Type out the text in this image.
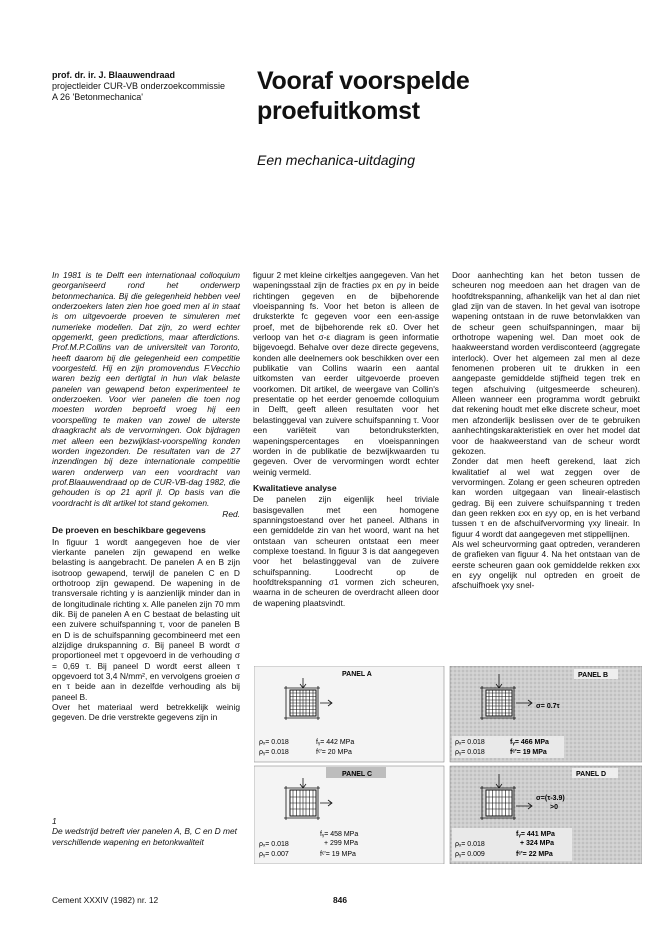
prof. dr. ir. J. Blaauwendraad
projectleider CUR-VB onderzoekcommissie
A 26 'Betonmechanica'
Vooraf voorspelde
proefuitkomst
Een mechanica-uitdaging

In 1981 is te Delft een internationaal colloquium georganiseerd rond het onderwerp betonmechanica. Bij die gelegenheid hebben veel onderzoekers laten zien hoe goed men al in staat is om uitgevoerde proeven te simuleren met numerieke modellen. Dat zijn, zo werd echter opgemerkt, geen predictions, maar afterdictions. Prof.M.P.Collins van de universiteit van Toronto, heeft daarom bij die gelegenheid een competitie voorgesteld. Hij en zijn promovendus F.Vecchio waren bezig een dertigtal in hun vlak belaste panelen van gewapend beton experimenteel te onderzoeken. Voor vier panelen die toen nog moesten worden beproefd vroeg hij een voorspelling te maken van zowel de uiterste draagkracht als de vervormingen. Ook bijdragen met alleen een bezwijklast-voorspelling konden worden ingezonden. De resultaten van de 27 inzendingen bij deze internationale competitie waren onderwerp van een voordracht van prof.Blaauwendraad op de CUR-VB-dag 1982, die gehouden is op 21 april jl. Op basis van die voordracht is dit artikel tot stand gekomen.

Red.
De proeven en beschikbare gegevens

In figuur 1 wordt aangegeven hoe de vier vierkante panelen zijn gewapend en welke belasting is aangebracht. De panelen A en B zijn isotroop gewapend, terwijl de panelen C en D orthotroop zijn gewapend. De wapening in de transversale richting y is aanzienlijk minder dan in de longitudinale richting x. Alle panelen zijn 70 mm dik. Bij de panelen A en C bestaat de belasting uit een zuivere schuifspanning τ, voor de panelen B en D is de schuifspanning gecombineerd met een alzijdige drukspanning σ. Bij paneel B wordt σ proportioneel met τ opgevoerd in de verhouding σ = 0,69 τ. Bij paneel D wordt eerst alleen τ opgevoerd tot 3,4 N/mm², en vervolgens groeien σ en τ beide aan in dezelfde verhouding als bij paneel B.

Over het materiaal werd betrekkelijk weinig gegeven. De drie verstrekte gegevens zijn in

1
De wedstrijd betreft vier panelen A, B, C en D met verschillende wapening en betonkwaliteit

figuur 2 met kleine cirkeltjes aangegeven. Van het wapeningsstaal zijn de fracties ρx en ρy in beide richtingen gegeven en de bijbehorende vloeispanning fs. Voor het beton is alleen de druksterkte fc gegeven voor een een-assige proef, met de bijbehorende rek ε0. Over het verloop van het σ-ε diagram is geen informatie bijgevoegd. Behalve over deze directe gegevens, konden alle deelnemers ook beschikken over een publikatie van Collins waarin een aantal uitkomsten van eerder uitgevoerde proeven voorkomen. Dit artikel, de weergave van Collin's presentatie op het eerder genoemde colloquium in Delft, geeft alleen resultaten voor het belastinggeval van zuivere schuifspanning τ. Voor een variëteit van betondruksterkten, wapeningspercentages en vloeispanningen worden in de publikatie de bezwijkwaarden τu gegeven. Over de vervormingen wordt echter weinig vermeld.

Kwalitatieve analyse

De panelen zijn eigenlijk heel triviale basisgevallen met een homogene spanningstoestand over het paneel. Althans in een gemiddelde zin van het woord, want na het ontstaan van scheuren ontstaat een meer complexe toestand. In figuur 3 is dat aangegeven voor het belastinggeval van de zuivere schuifspanning. Loodrecht op de hoofdtrekspanning σ1 vormen zich scheuren, waarna in de scheuren de overdracht alleen door de wapening plaatsvindt.

Door aanhechting kan het beton tussen de scheuren nog meedoen aan het dragen van de hoofdtrekspanning, afhankelijk van het al dan niet glad zijn van de staven. In het geval van isotrope wapening ontstaan in de ruwe betonvlakken van de scheur geen schuifspanningen, maar bij orthotrope wapening wel. Dan moet ook de haakweerstand worden verdisconteerd (aggregate interlock). Over het algemeen zal men al deze fenomenen proberen uit te drukken in een aangepaste gemiddelde stijfheid tegen trek en tegen afschuiving (uitgesmeerde scheuren). Alleen wanneer een programma wordt gebruikt dat rekening houdt met elke discrete scheur, moet men afzonderlijk beslissen over de te gebruiken aanhechtingskarakteristiek en over het model dat voor de haakweerstand van de scheur wordt gekozen.

Zonder dat men heeft gerekend, laat zich kwalitatief al wel wat zeggen over de vervormingen. Zolang er geen scheuren optreden kan worden uitgegaan van lineair-elastisch gedrag. Bij een zuivere schuifspanning τ treden dan geen rekken εxx en εyy op, en is het verband tussen τ en de afschuifvervorming γxy lineair. In figuur 4 wordt dat aangegeven met stippellijnen.

Als wel scheurvorming gaat optreden, veranderen de grafieken van figuur 4. Na het ontstaan van de eerste scheuren gaan ook gemiddelde rekken εxx en εyy ongelijk nul optreden en groeit de afschuifhoek γxy snel-

PANEL A
ρₓ= 0.018
ρᵧ= 0.018
fᵧ= 442 MPa
fᶜ'= 20 MPa
PANEL B
σ= 0.7τ
ρₓ= 0.018
ρᵧ= 0.018
fᵧ= 466 MPa
fᶜ'= 19 MPa
PANEL C
ρₓ= 0.018
ρᵧ= 0.007
fᵧ= 458 MPa
+ 299 MPa
fᶜ'= 19 MPa
PANEL D
σ=(τ-3.9)
>0
ρₓ= 0.018
ρᵧ= 0.009
fᵧ= 441 MPa
+ 324 MPa
fᶜ'= 22 MPa
Cement XXXIV (1982) nr. 12	846
